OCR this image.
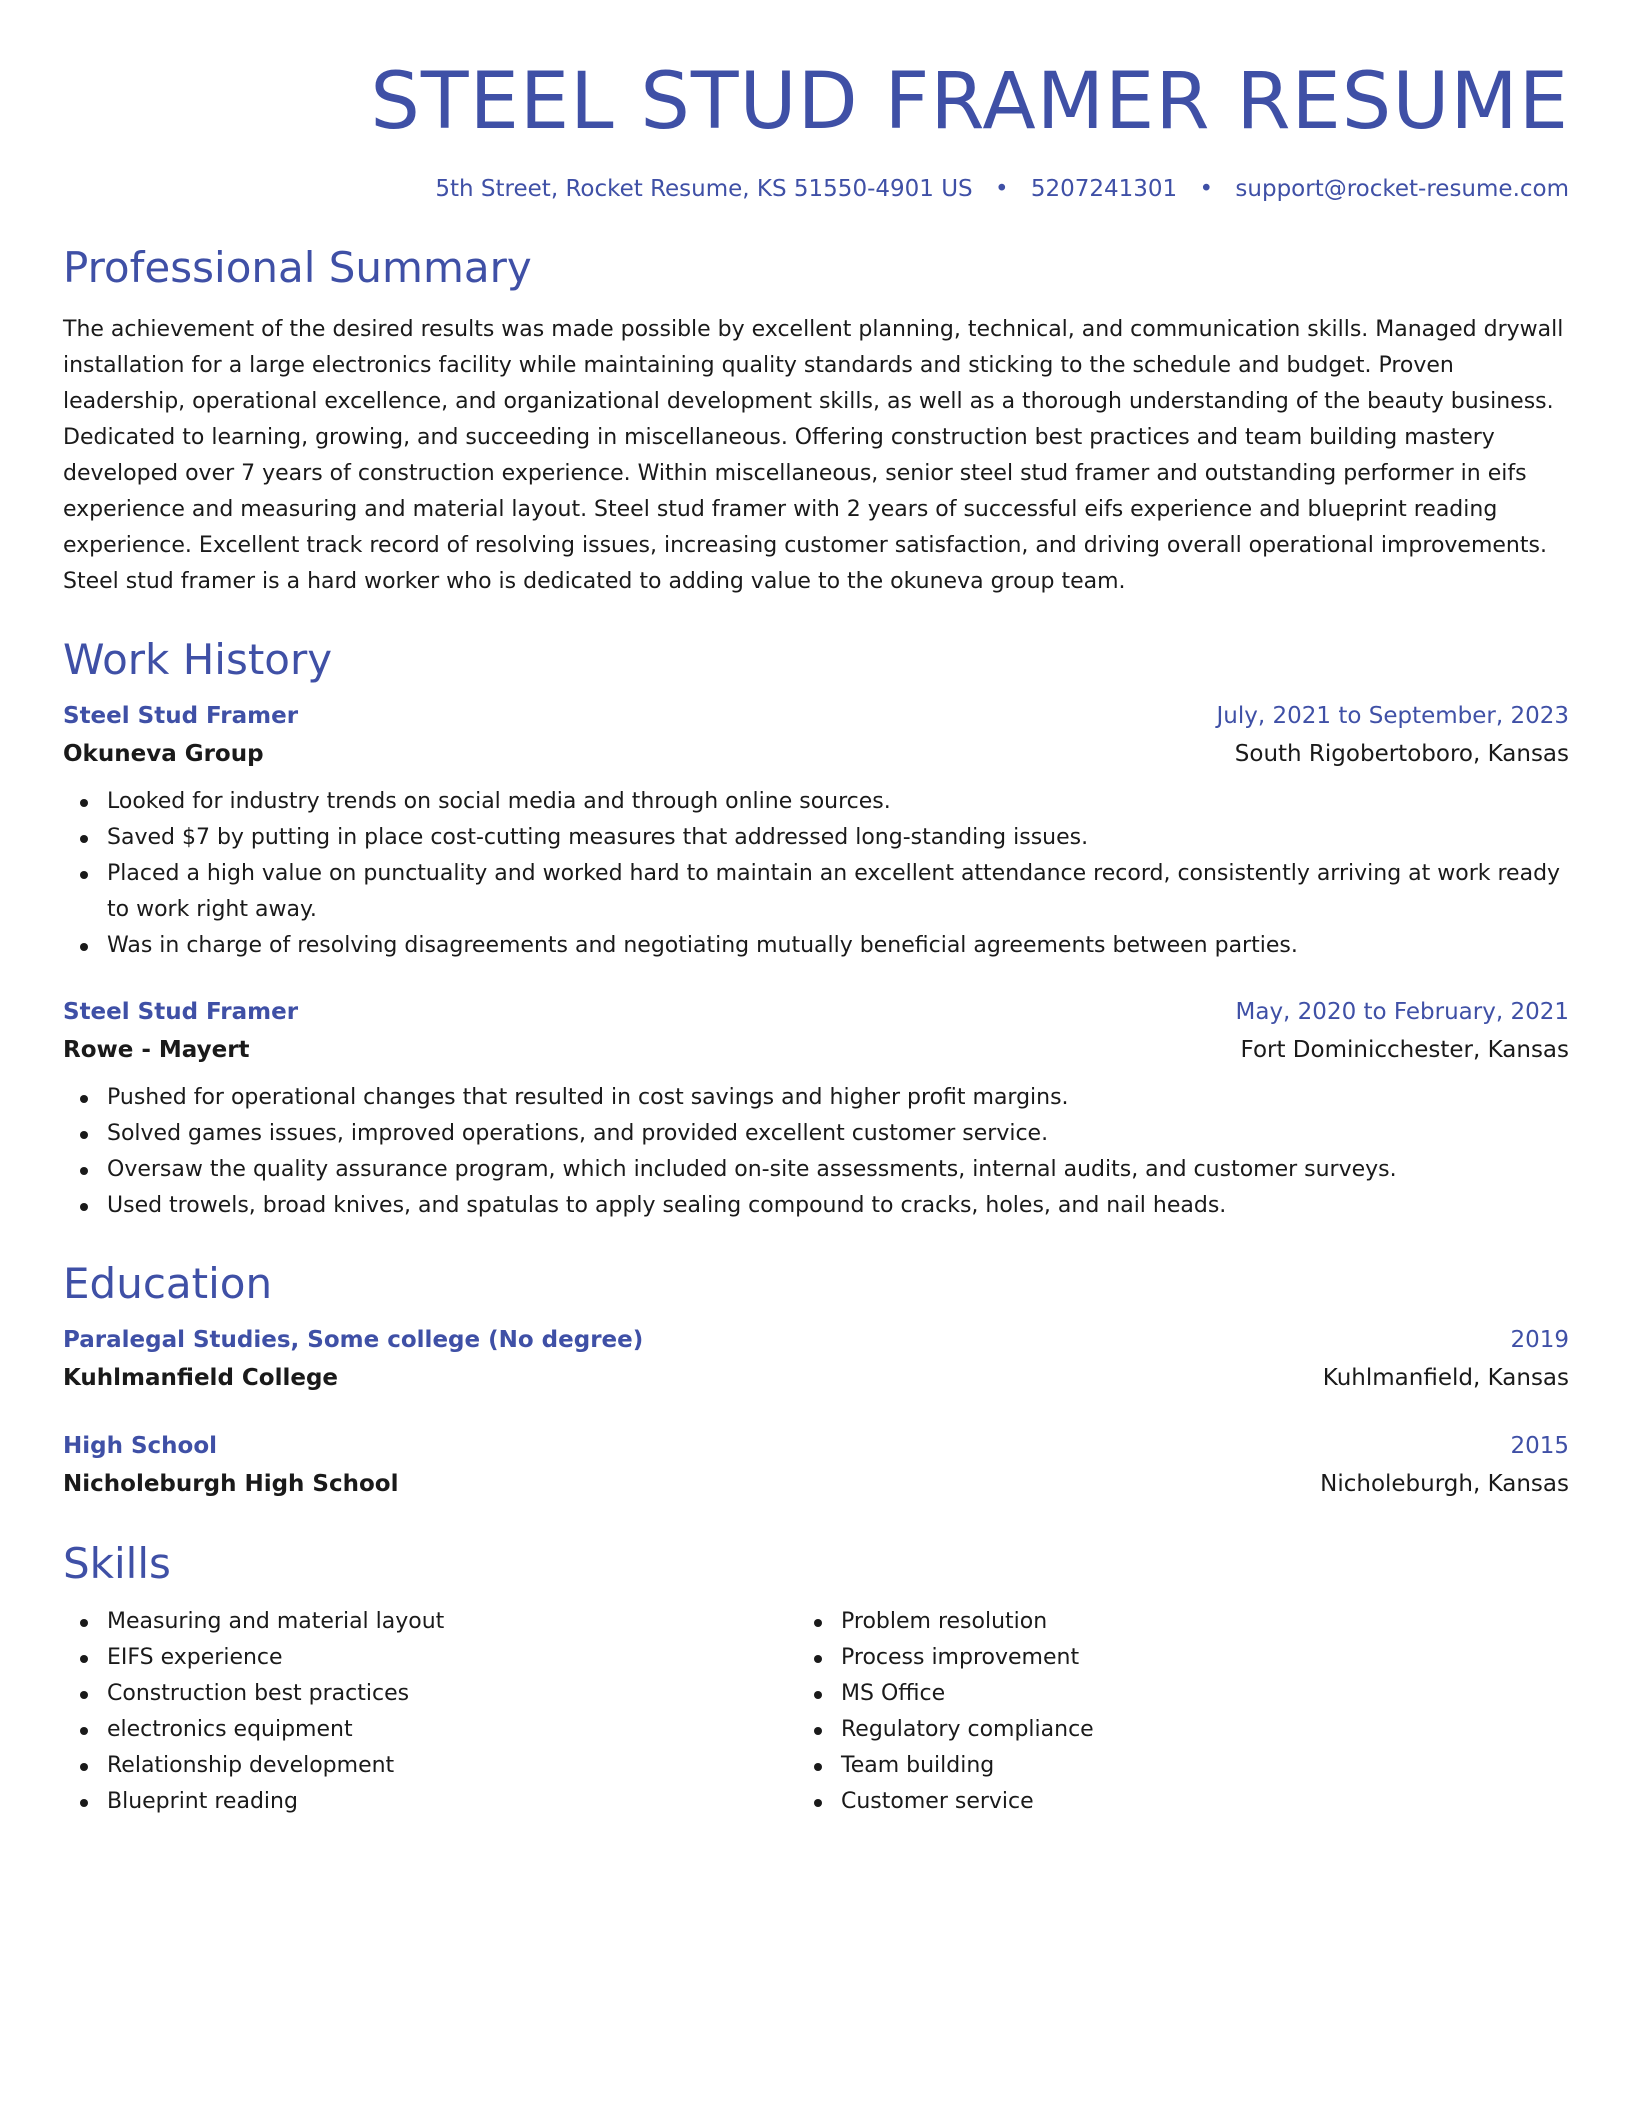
STEEL STUD FRAMER RESUME
5th Street, Rocket Resume, KS 51550-4901 US • 5207241301 • support@rocket-resume.com
Professional Summary
The achievement of the desired results was made possible by excellent planning, technical, and communication skills. Managed drywall installation for a large electronics facility while maintaining quality standards and sticking to the schedule and budget. Proven leadership, operational excellence, and organizational development skills, as well as a thorough understanding of the beauty business. Dedicated to learning, growing, and succeeding in miscellaneous. Offering construction best practices and team building mastery developed over 7 years of construction experience. Within miscellaneous, senior steel stud framer and outstanding performer in eifs experience and measuring and material layout. Steel stud framer with 2 years of successful eifs experience and blueprint reading experience. Excellent track record of resolving issues, increasing customer satisfaction, and driving overall operational improvements. Steel stud framer is a hard worker who is dedicated to adding value to the okuneva group team.
Work History
Steel Stud Framer	July, 2021 to September, 2023
Okuneva Group	South Rigobertoboro, Kansas
Looked for industry trends on social media and through online sources.
Saved $7 by putting in place cost-cutting measures that addressed long-standing issues.
Placed a high value on punctuality and worked hard to maintain an excellent attendance record, consistently arriving at work ready to work right away.
Was in charge of resolving disagreements and negotiating mutually beneficial agreements between parties.
Steel Stud Framer	May, 2020 to February, 2021
Rowe - Mayert	Fort Dominicchester, Kansas
Pushed for operational changes that resulted in cost savings and higher profit margins.
Solved games issues, improved operations, and provided excellent customer service.
Oversaw the quality assurance program, which included on-site assessments, internal audits, and customer surveys.
Used trowels, broad knives, and spatulas to apply sealing compound to cracks, holes, and nail heads.
Education
Paralegal Studies, Some college (No degree)	2019
Kuhlmanfield College	Kuhlmanfield, Kansas
High School	2015
Nicholeburgh High School	Nicholeburgh, Kansas
Skills
Measuring and material layout
EIFS experience
Construction best practices
electronics equipment
Relationship development
Blueprint reading
Problem resolution
Process improvement
MS Office
Regulatory compliance
Team building
Customer service
